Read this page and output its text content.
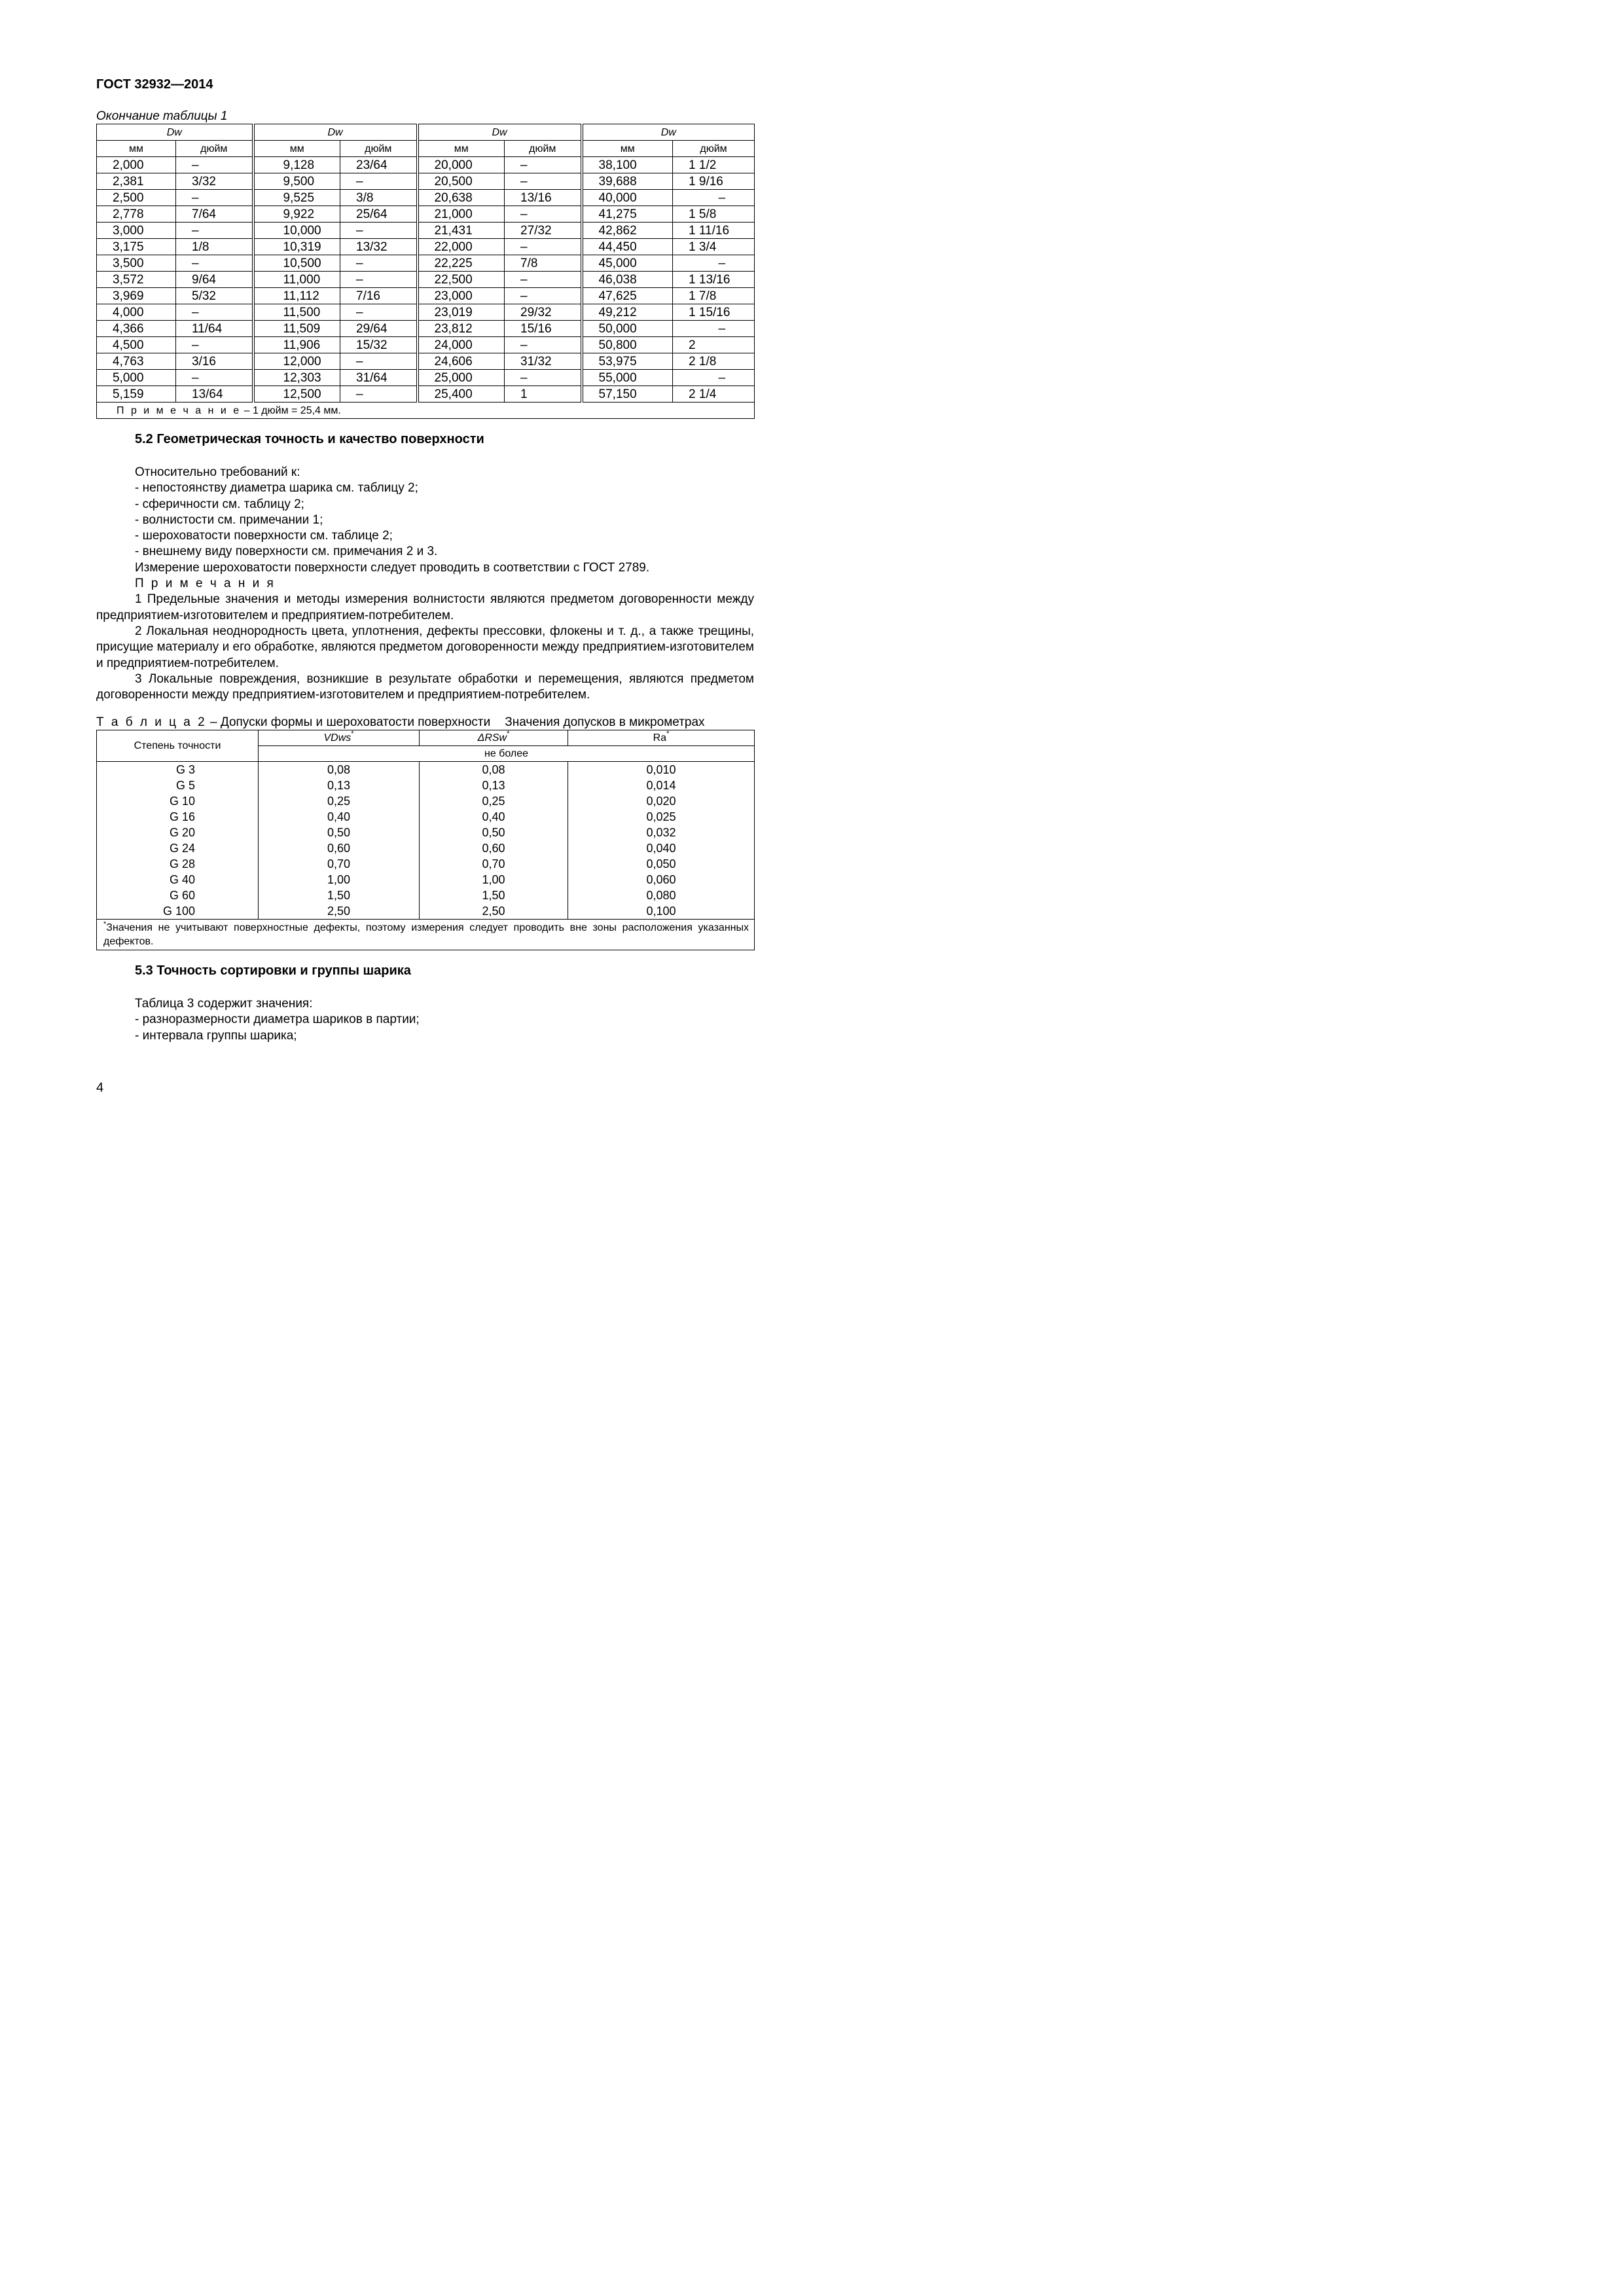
ГОСТ 32932—2014
Окончание таблицы 1
Dw		Dw		Dw		Dw	
мм	дюйм	мм	дюйм	мм	дюйм	мм	дюйм
2,000	–	9,128	23/64	20,000	–	38,100	1 1/2
2,381	3/32	9,500	–	20,500	–	39,688	1 9/16
2,500	–	9,525	3/8	20,638	13/16	40,000	–
2,778	7/64	9,922	25/64	21,000	–	41,275	1 5/8
3,000	–	10,000	–	21,431	27/32	42,862	1 11/16
3,175	1/8	10,319	13/32	22,000	–	44,450	1 3/4
3,500	–	10,500	–	22,225	7/8	45,000	–
3,572	9/64	11,000	–	22,500	–	46,038	1 13/16
3,969	5/32	11,112	7/16	23,000	–	47,625	1 7/8
4,000	–	11,500	–	23,019	29/32	49,212	1 15/16
4,366	11/64	11,509	29/64	23,812	15/16	50,000	–
4,500	–	11,906	15/32	24,000	–	50,800	2
4,763	3/16	12,000	–	24,606	31/32	53,975	2 1/8
5,000	–	12,303	31/64	25,000	–	55,000	–
5,159	13/64	12,500	–	25,400	1	57,150	2 1/4
П р и м е ч а н и е – 1 дюйм = 25,4 мм.							
5.2 Геометрическая точность и качество поверхности

Относительно требований к:

- непостоянству диаметра шарика см. таблицу 2;

- сферичности см. таблицу 2;

- волнистости см. примечании 1;

- шероховатости поверхности см. таблице 2;

- внешнему виду поверхности см. примечания 2 и 3.

Измерение шероховатости поверхности следует проводить в соответствии с ГОСТ 2789.

П р и м е ч а н и я

1 Предельные значения и методы измерения волнистости являются предметом договоренности между предприятием-изготовителем и предприятием-потребителем.

2 Локальная неоднородность цвета, уплотнения, дефекты прессовки, флокены и т. д., а также трещины, присущие материалу и его обработке, являются предметом договоренности между предприятием-изготовителем и предприятием-потребителем.

3 Локальные повреждения, возникшие в результате обработки и перемещения, являются предметом договоренности между предприятием-изготовителем и предприятием-потребителем.

Т а б л и ц а 2 – Допуски формы и шероховатости поверхности Значения допусков в микрометрах
Степень точности	VDws*	ΔRSw*	Ra*
	не более		
G 3	0,08	0,08	0,010
G 5	0,13	0,13	0,014
G 10	0,25	0,25	0,020
G 16	0,40	0,40	0,025
G 20	0,50	0,50	0,032
G 24	0,60	0,60	0,040
G 28	0,70	0,70	0,050
G 40	1,00	1,00	0,060
G 60	1,50	1,50	0,080
G 100	2,50	2,50	0,100
*Значения не учитывают поверхностные дефекты, поэтому измерения следует проводить вне зоны расположения указанных дефектов.			
5.3 Точность сортировки и группы шарика

Таблица 3 содержит значения:

- разноразмерности диаметра шариков в партии;

- интервала группы шарика;

4
